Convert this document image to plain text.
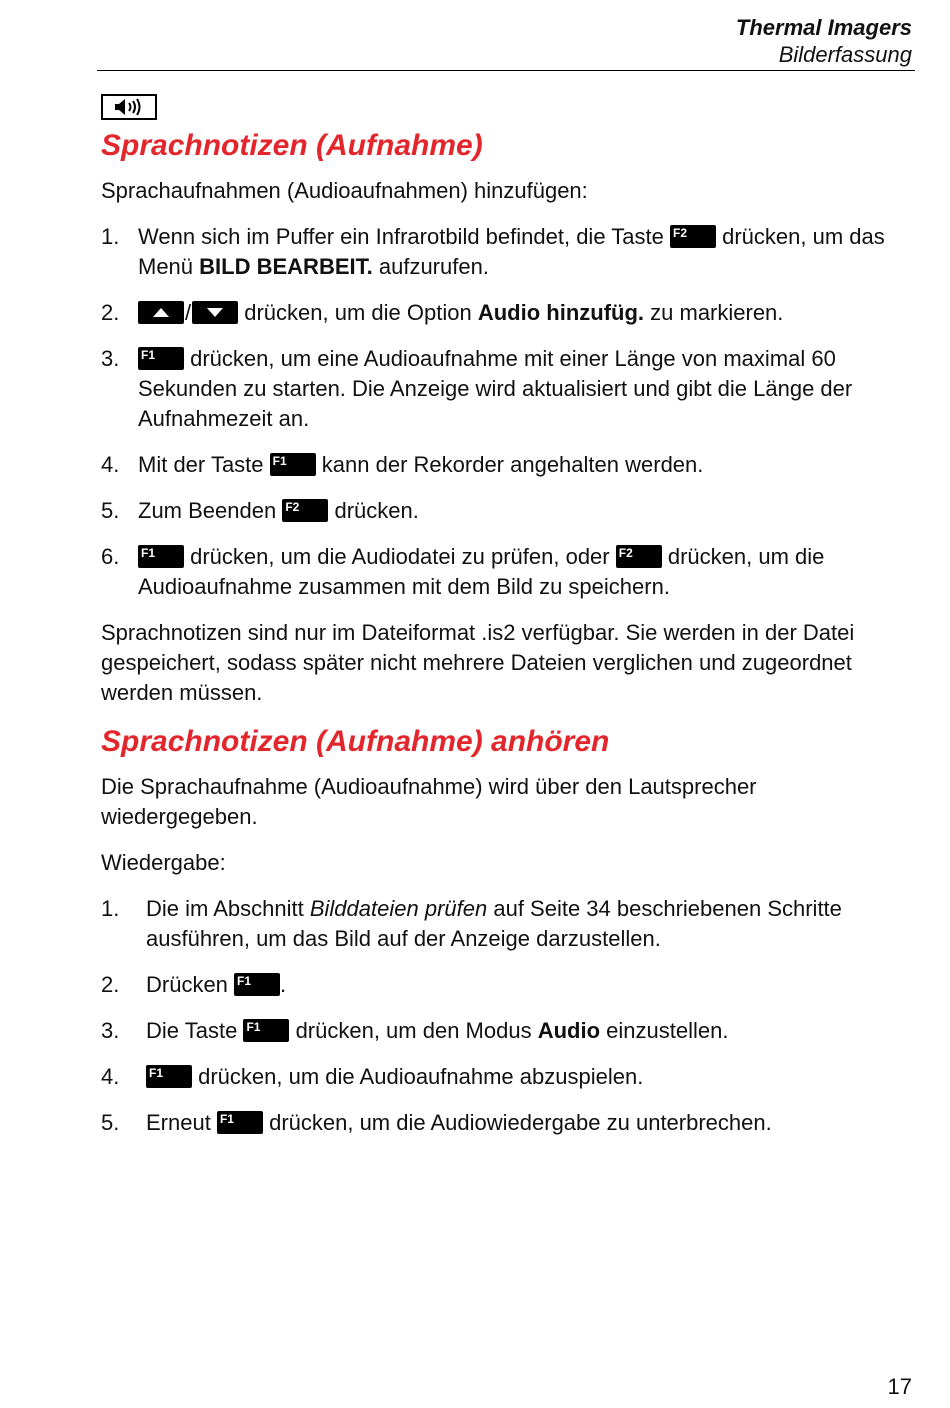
Thermal Imagers
Bilderfassung
Sprachnotizen (Aufnahme)

Sprachaufnahmen (Audioaufnahmen) hinzufügen:

1. Wenn sich im Puffer ein Infrarotbild befindet, die Taste F2 drücken, um das Menü BILD BEARBEIT. aufzurufen.
2.	/ drücken, um die Option Audio hinzufüg. zu markieren.
3. F1 drücken, um eine Audioaufnahme mit einer Länge von maximal 60 Sekunden zu starten. Die Anzeige wird aktualisiert und gibt die Länge der Aufnahmezeit an.
4. Mit der Taste F1 kann der Rekorder angehalten werden.
5. Zum Beenden F2 drücken.
6. F1 drücken, um die Audiodatei zu prüfen, oder F2 drücken, um die Audioaufnahme zusammen mit dem Bild zu speichern.

Sprachnotizen sind nur im Dateiformat .is2 verfügbar. Sie werden in der Datei gespeichert, sodass später nicht mehrere Dateien verglichen und zugeordnet werden müssen.

Sprachnotizen (Aufnahme) anhören

Die Sprachaufnahme (Audioaufnahme) wird über den Lautsprecher wiedergegeben.

Wiedergabe:

1. Die im Abschnitt Bilddateien prüfen auf Seite 34 beschriebenen Schritte ausführen, um das Bild auf der Anzeige darzustellen.
2. Drücken F1 .
3. Die Taste F1 drücken, um den Modus Audio einzustellen.
4. F1 drücken, um die Audioaufnahme abzuspielen.
5. Erneut F1 drücken, um die Audiowiedergabe zu unterbrechen.
17
